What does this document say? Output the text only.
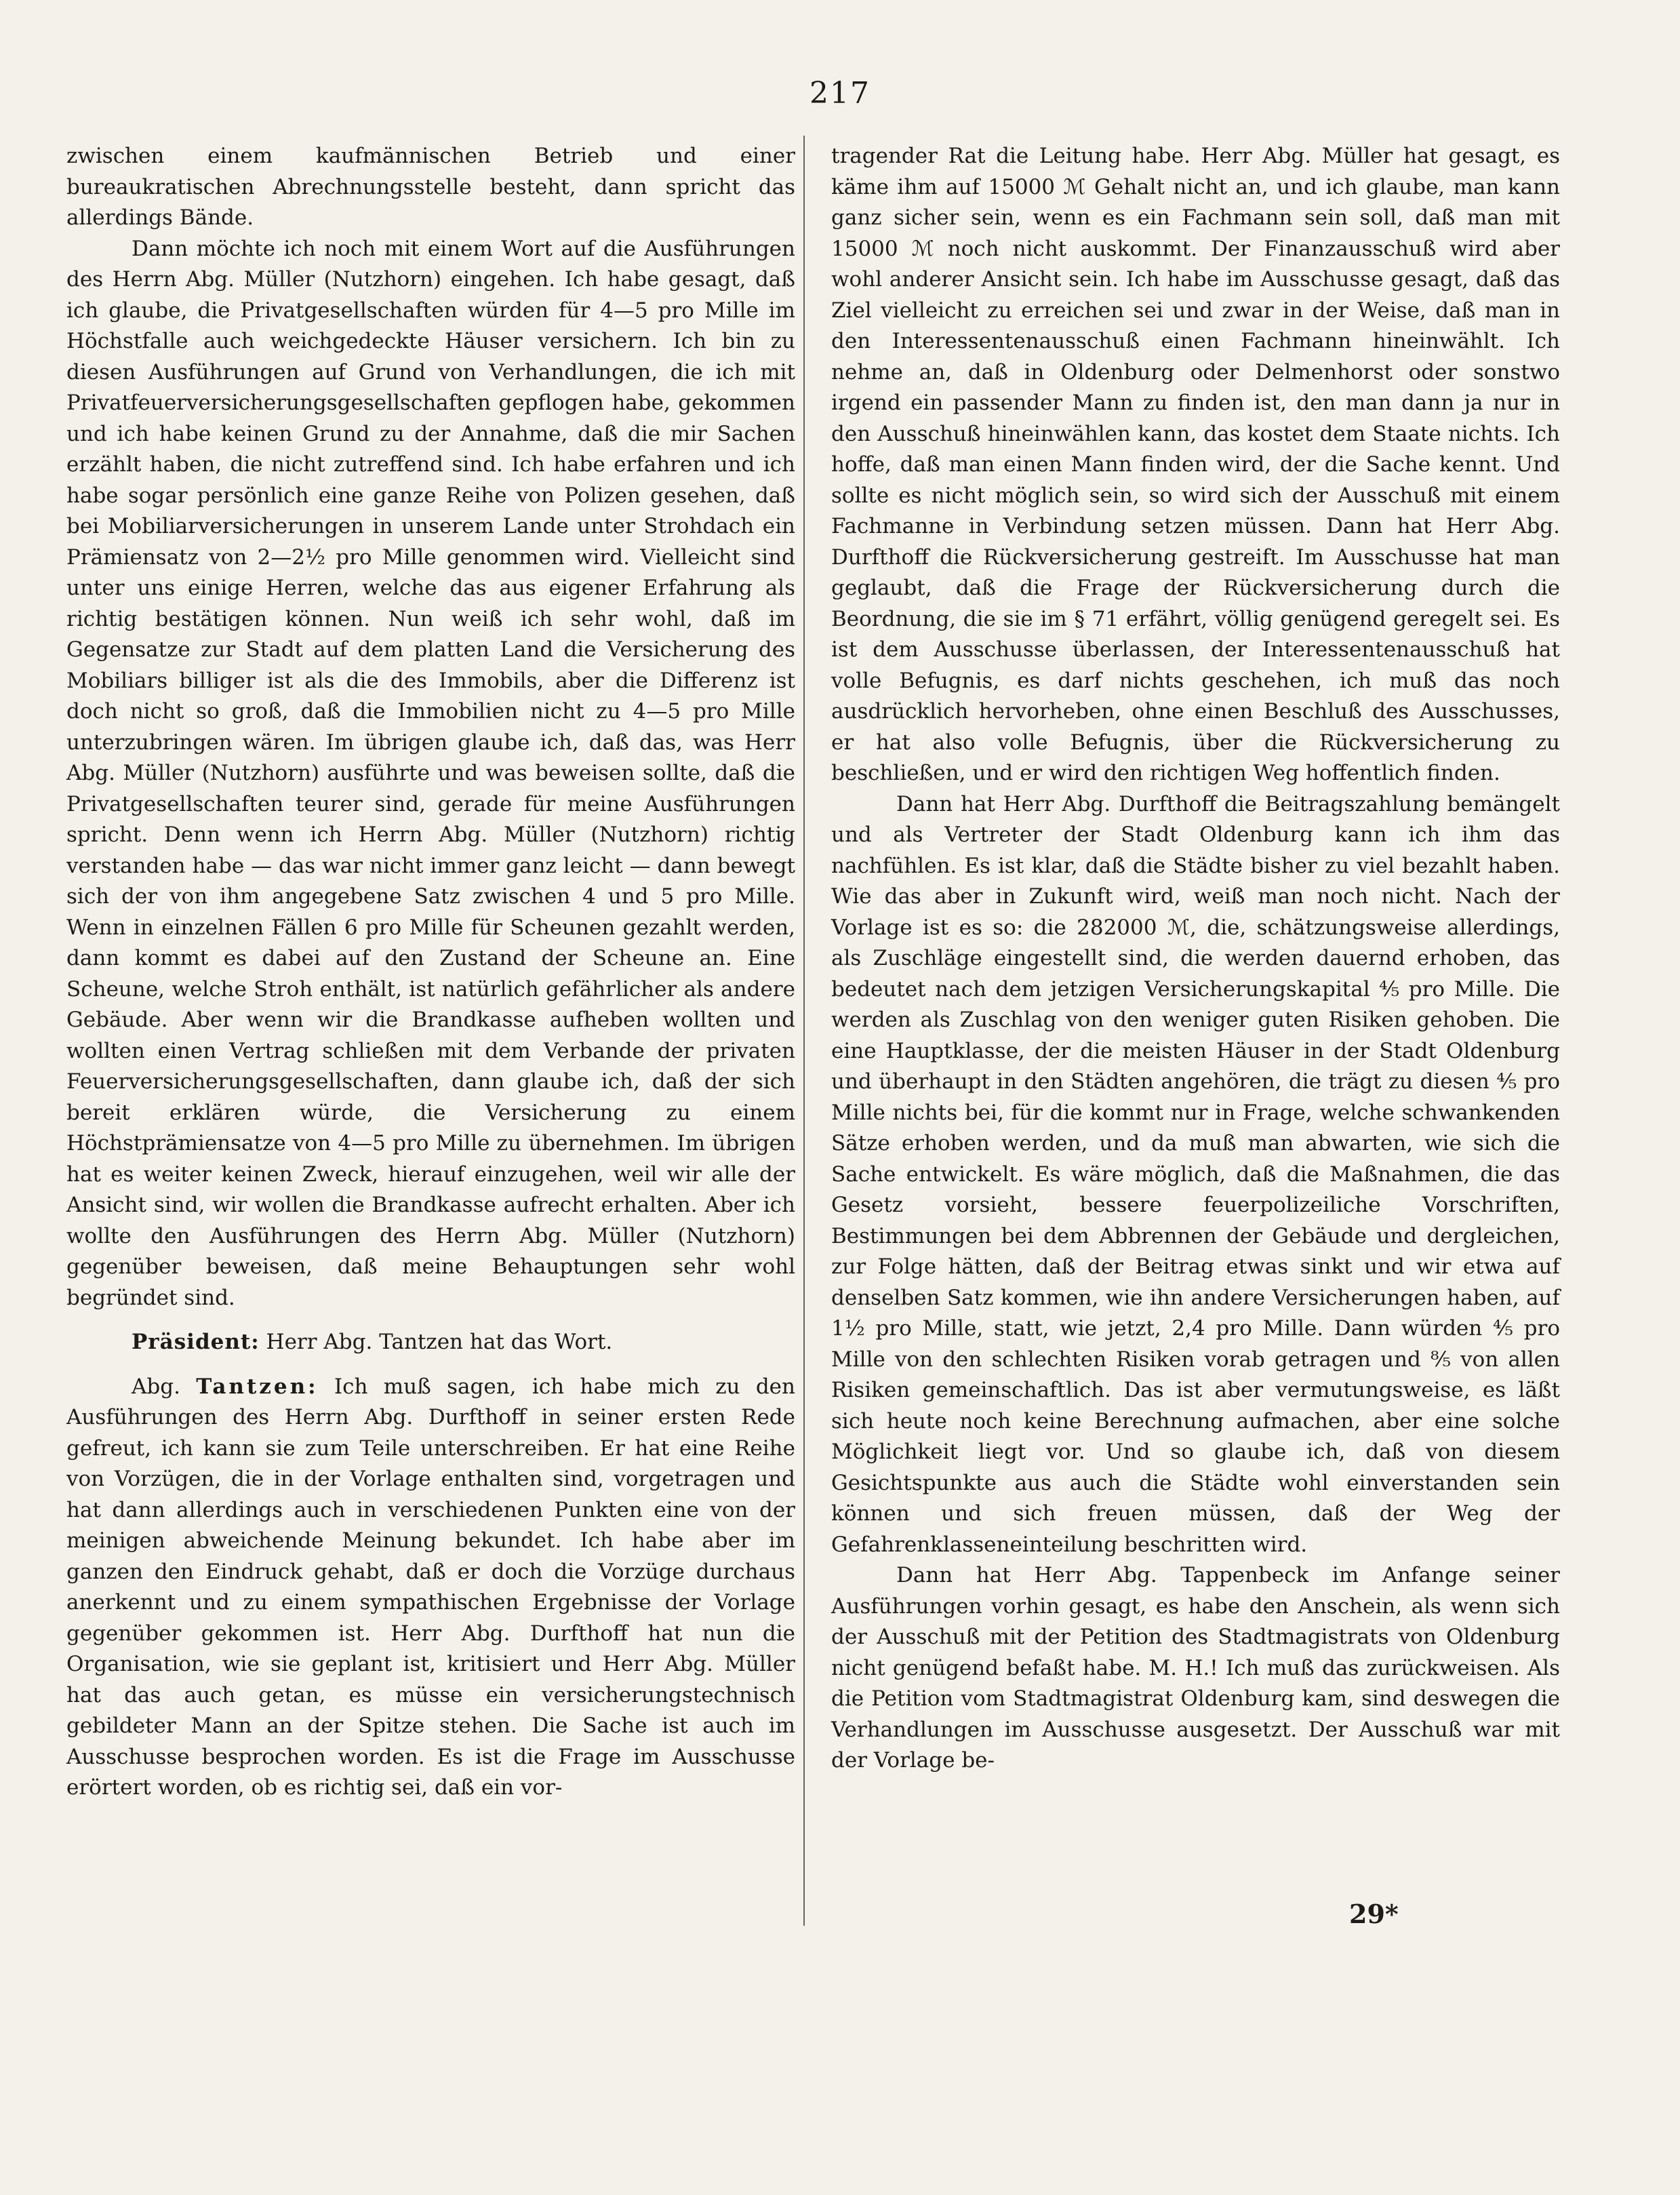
217

zwischen einem kaufmännischen Betrieb und einer bureaukratischen Abrechnungsstelle besteht, dann spricht das allerdings Bände.

Dann möchte ich noch mit einem Wort auf die Ausführungen des Herrn Abg. Müller (Nutzhorn) eingehen. Ich habe gesagt, daß ich glaube, die Privatgesellschaften würden für 4—5 pro Mille im Höchstfalle auch weichgedeckte Häuser versichern. Ich bin zu diesen Ausführungen auf Grund von Verhandlungen, die ich mit Privatfeuerversicherungsgesellschaften gepflogen habe, gekommen und ich habe keinen Grund zu der Annahme, daß die mir Sachen erzählt haben, die nicht zutreffend sind. Ich habe erfahren und ich habe sogar persönlich eine ganze Reihe von Polizen gesehen, daß bei Mobiliarversicherungen in unserem Lande unter Strohdach ein Prämiensatz von 2—2½ pro Mille genommen wird. Vielleicht sind unter uns einige Herren, welche das aus eigener Erfahrung als richtig bestätigen können. Nun weiß ich sehr wohl, daß im Gegensatze zur Stadt auf dem platten Land die Versicherung des Mobiliars billiger ist als die des Immobils, aber die Differenz ist doch nicht so groß, daß die Immobilien nicht zu 4—5 pro Mille unterzubringen wären. Im übrigen glaube ich, daß das, was Herr Abg. Müller (Nutzhorn) ausführte und was beweisen sollte, daß die Privatgesellschaften teurer sind, gerade für meine Ausführungen spricht. Denn wenn ich Herrn Abg. Müller (Nutzhorn) richtig verstanden habe — das war nicht immer ganz leicht — dann bewegt sich der von ihm angegebene Satz zwischen 4 und 5 pro Mille. Wenn in einzelnen Fällen 6 pro Mille für Scheunen gezahlt werden, dann kommt es dabei auf den Zustand der Scheune an. Eine Scheune, welche Stroh enthält, ist natürlich gefährlicher als andere Gebäude. Aber wenn wir die Brandkasse aufheben wollten und wollten einen Vertrag schließen mit dem Verbande der privaten Feuerversicherungsgesellschaften, dann glaube ich, daß der sich bereit erklären würde, die Versicherung zu einem Höchstprämiensatze von 4—5 pro Mille zu übernehmen. Im übrigen hat es weiter keinen Zweck, hierauf einzugehen, weil wir alle der Ansicht sind, wir wollen die Brandkasse aufrecht erhalten. Aber ich wollte den Ausführungen des Herrn Abg. Müller (Nutzhorn) gegenüber beweisen, daß meine Behauptungen sehr wohl begründet sind.

Präsident: Herr Abg. Tantzen hat das Wort.

Abg. Tantzen: Ich muß sagen, ich habe mich zu den Ausführungen des Herrn Abg. Durfthoff in seiner ersten Rede gefreut, ich kann sie zum Teile unterschreiben. Er hat eine Reihe von Vorzügen, die in der Vorlage enthalten sind, vorgetragen und hat dann allerdings auch in verschiedenen Punkten eine von der meinigen abweichende Meinung bekundet. Ich habe aber im ganzen den Eindruck gehabt, daß er doch die Vorzüge durchaus anerkennt und zu einem sympathischen Ergebnisse der Vorlage gegenüber gekommen ist. Herr Abg. Durfthoff hat nun die Organisation, wie sie geplant ist, kritisiert und Herr Abg. Müller hat das auch getan, es müsse ein versicherungstechnisch gebildeter Mann an der Spitze stehen. Die Sache ist auch im Ausschusse besprochen worden. Es ist die Frage im Ausschusse erörtert worden, ob es richtig sei, daß ein vor-

tragender Rat die Leitung habe. Herr Abg. Müller hat gesagt, es käme ihm auf 15000 ℳ Gehalt nicht an, und ich glaube, man kann ganz sicher sein, wenn es ein Fachmann sein soll, daß man mit 15000 ℳ noch nicht auskommt. Der Finanzausschuß wird aber wohl anderer Ansicht sein. Ich habe im Ausschusse gesagt, daß das Ziel vielleicht zu erreichen sei und zwar in der Weise, daß man in den Interessentenausschuß einen Fachmann hineinwählt. Ich nehme an, daß in Oldenburg oder Delmenhorst oder sonstwo irgend ein passender Mann zu finden ist, den man dann ja nur in den Ausschuß hineinwählen kann, das kostet dem Staate nichts. Ich hoffe, daß man einen Mann finden wird, der die Sache kennt. Und sollte es nicht möglich sein, so wird sich der Ausschuß mit einem Fachmanne in Verbindung setzen müssen. Dann hat Herr Abg. Durfthoff die Rückversicherung gestreift. Im Ausschusse hat man geglaubt, daß die Frage der Rückversicherung durch die Beordnung, die sie im § 71 erfährt, völlig genügend geregelt sei. Es ist dem Ausschusse überlassen, der Interessentenausschuß hat volle Befugnis, es darf nichts geschehen, ich muß das noch ausdrücklich hervorheben, ohne einen Beschluß des Ausschusses, er hat also volle Befugnis, über die Rückversicherung zu beschließen, und er wird den richtigen Weg hoffentlich finden.

Dann hat Herr Abg. Durfthoff die Beitragszahlung bemängelt und als Vertreter der Stadt Oldenburg kann ich ihm das nachfühlen. Es ist klar, daß die Städte bisher zu viel bezahlt haben. Wie das aber in Zukunft wird, weiß man noch nicht. Nach der Vorlage ist es so: die 282000 ℳ, die, schätzungsweise allerdings, als Zuschläge eingestellt sind, die werden dauernd erhoben, das bedeutet nach dem jetzigen Versicherungskapital ⁴⁄₅ pro Mille. Die werden als Zuschlag von den weniger guten Risiken gehoben. Die eine Hauptklasse, der die meisten Häuser in der Stadt Oldenburg und überhaupt in den Städten angehören, die trägt zu diesen ⁴⁄₅ pro Mille nichts bei, für die kommt nur in Frage, welche schwankenden Sätze erhoben werden, und da muß man abwarten, wie sich die Sache entwickelt. Es wäre möglich, daß die Maßnahmen, die das Gesetz vorsieht, bessere feuerpolizeiliche Vorschriften, Bestimmungen bei dem Abbrennen der Gebäude und dergleichen, zur Folge hätten, daß der Beitrag etwas sinkt und wir etwa auf denselben Satz kommen, wie ihn andere Versicherungen haben, auf 1½ pro Mille, statt, wie jetzt, 2,4 pro Mille. Dann würden ⁴⁄₅ pro Mille von den schlechten Risiken vorab getragen und ⁸⁄₅ von allen Risiken gemeinschaftlich. Das ist aber vermutungsweise, es läßt sich heute noch keine Berechnung aufmachen, aber eine solche Möglichkeit liegt vor. Und so glaube ich, daß von diesem Gesichtspunkte aus auch die Städte wohl einverstanden sein können und sich freuen müssen, daß der Weg der Gefahrenklasseneinteilung beschritten wird.

Dann hat Herr Abg. Tappenbeck im Anfange seiner Ausführungen vorhin gesagt, es habe den Anschein, als wenn sich der Ausschuß mit der Petition des Stadtmagistrats von Oldenburg nicht genügend befaßt habe. M. H.! Ich muß das zurückweisen. Als die Petition vom Stadtmagistrat Oldenburg kam, sind deswegen die Verhandlungen im Ausschusse ausgesetzt. Der Ausschuß war mit der Vorlage be-

29*
